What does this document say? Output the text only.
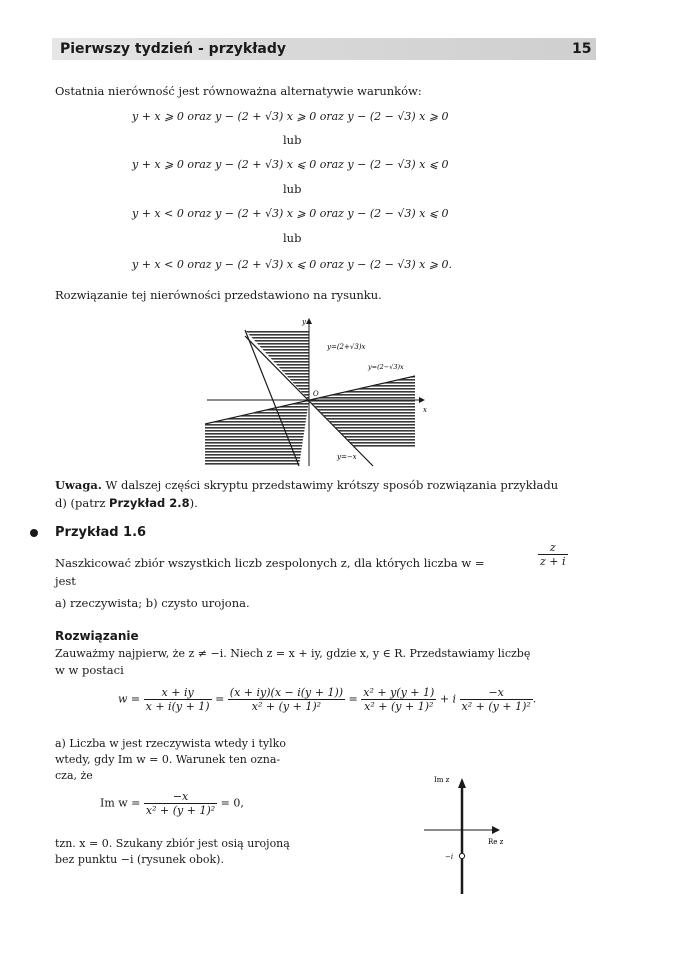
Pierwszy tydzień - przykłady	15
Ostatnia nierówność jest równoważna alternatywie warunków:
y + x ⩾ 0 oraz y − (2 + √3) x ⩾ 0 oraz y − (2 − √3) x ⩾ 0
lub
y + x ⩾ 0 oraz y − (2 + √3) x ⩽ 0 oraz y − (2 − √3) x ⩽ 0
lub
y + x < 0 oraz y − (2 + √3) x ⩾ 0 oraz y − (2 − √3) x ⩽ 0
lub
y + x < 0 oraz y − (2 + √3) x ⩽ 0 oraz y − (2 − √3) x ⩾ 0.
Rozwiązanie tej nierówności przedstawiono na rysunku.
y
x
O
y=(2+√3)x
y=(2−√3)x
y=−x
Uwaga. W dalszej części skryptu przedstawimy krótszy sposób rozwiązania przykładu
d) (patrz Przykład 2.8).
Przykład 1.6
Naszkicować zbiór wszystkich liczb zespolonych z, dla których liczba w =	$\frac{z}{z + i}$
jest
a) rzeczywista; b) czysto urojona.
Rozwiązanie
Zauważmy najpierw, że z ≠ −i. Niech z = x + iy, gdzie x, y ∈ R. Przedstawiamy liczbę
w w postaci
$w = \frac{x + iy}{x + i(y + 1)} = \frac{(x + iy)(x - i(y + 1))}{\text{x² + (y + 1)²}} = \frac{\text{x² + y(y + 1)}}{\text{x² + (y + 1)²}} + i \frac{-x}{\text{x² + (y + 1)²}}$ .
a) Liczba w jest rzeczywista wtedy i tylko
wtedy, gdy Im w = 0. Warunek ten ozna-
cza, że
Im $w = \frac{-x}{\text{x² + (y + 1)²}} = 0$,
tzn. x = 0. Szukany zbiór jest osią urojoną
bez punktu −i (rysunek obok).
Im z
Re z
−i
